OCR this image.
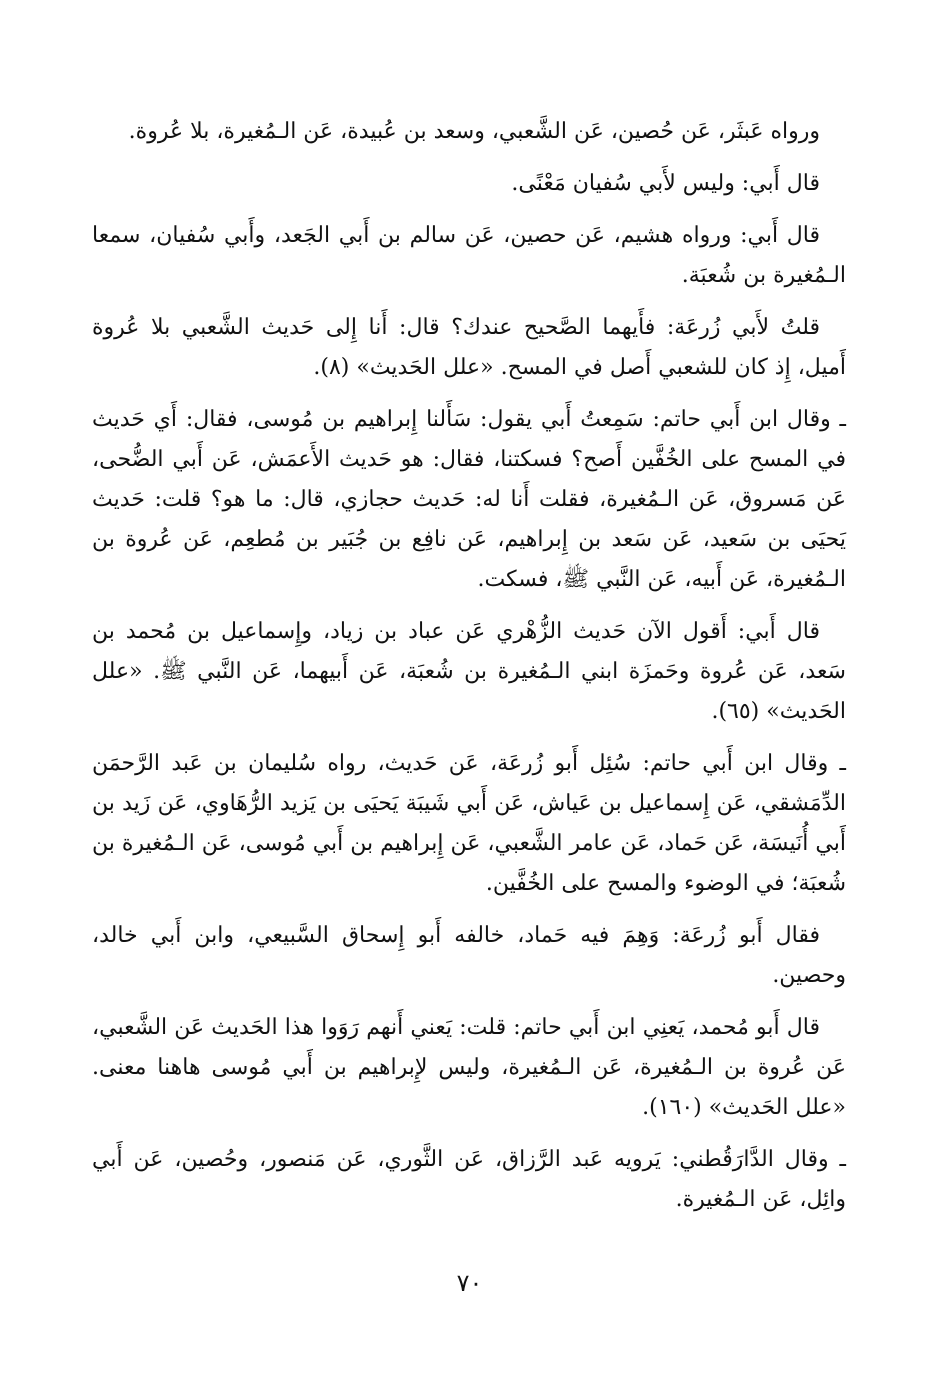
ورواه عَبثَر، عَن حُصين، عَن الشَّعبي، وسعد بن عُبيدة، عَن الـمُغيرة، بلا عُروة.

قال أَبي: وليس لأَبي سُفيان مَعْنًى.

قال أَبي: ورواه هشيم، عَن حصين، عَن سالم بن أَبي الجَعد، وأَبي سُفيان، سمعا الـمُغيرة بن شُعبَة.

قلتُ لأَبي زُرعَة: فأَيهما الصَّحيح عندك؟ قال: أَنا إِلى حَديث الشَّعبي بلا عُروة أَميل، إِذ كان للشعبي أَصل في المسح. «علل الحَديث» (٨).

ـ وقال ابن أَبي حاتم: سَمِعتُ أَبي يقول: سَأَلنا إِبراهيم بن مُوسى، فقال: أَي حَديث في المسح على الخُفَّين أَصح؟ فسكتنا، فقال: هو حَديث الأَعمَش، عَن أَبي الضُّحى، عَن مَسروق، عَن الـمُغيرة، فقلت أَنا له: حَديث حجازي، قال: ما هو؟ قلت: حَديث يَحيَى بن سَعيد، عَن سَعد بن إِبراهيم، عَن نافِع بن جُبَير بن مُطعِم، عَن عُروة بن الـمُغيرة، عَن أَبيه، عَن النَّبي ﷺ، فسكت.

قال أَبي: أَقول الآن حَديث الزُّهْري عَن عباد بن زياد، وإِسماعيل بن مُحمد بن سَعد، عَن عُروة وحَمزَة ابني الـمُغيرة بن شُعبَة، عَن أَبيهما، عَن النَّبي ﷺ. «علل الحَديث» (٦٥).

ـ وقال ابن أَبي حاتم: سُئِل أَبو زُرعَة، عَن حَديث، رواه سُليمان بن عَبد الرَّحمَن الدِّمَشقي، عَن إِسماعيل بن عَياش، عَن أَبي شَيبَة يَحيَى بن يَزيد الرُّهَاوي، عَن زَيد بن أَبي أُنَيسَة، عَن حَماد، عَن عامر الشَّعبي، عَن إِبراهيم بن أَبي مُوسى، عَن الـمُغيرة بن شُعبَة؛ في الوضوء والمسح على الخُفَّين.

فقال أَبو زُرعَة: وَهِمَ فيه حَماد، خالفه أَبو إِسحاق السَّبيعي، وابن أَبي خالد، وحصين.

قال أَبو مُحمد، يَعنِي ابن أَبي حاتم: قلت: يَعني أَنهم رَوَوا هذا الحَديث عَن الشَّعبي، عَن عُروة بن الـمُغيرة، عَن الـمُغيرة، وليس لإِبراهيم بن أَبي مُوسى هاهنا معنى. «علل الحَديث» (١٦٠).

ـ وقال الدَّارَقُطني: يَرويه عَبد الرَّزاق، عَن الثَّوري، عَن مَنصور، وحُصين، عَن أَبي وائِل، عَن الـمُغيرة.

٧٠
